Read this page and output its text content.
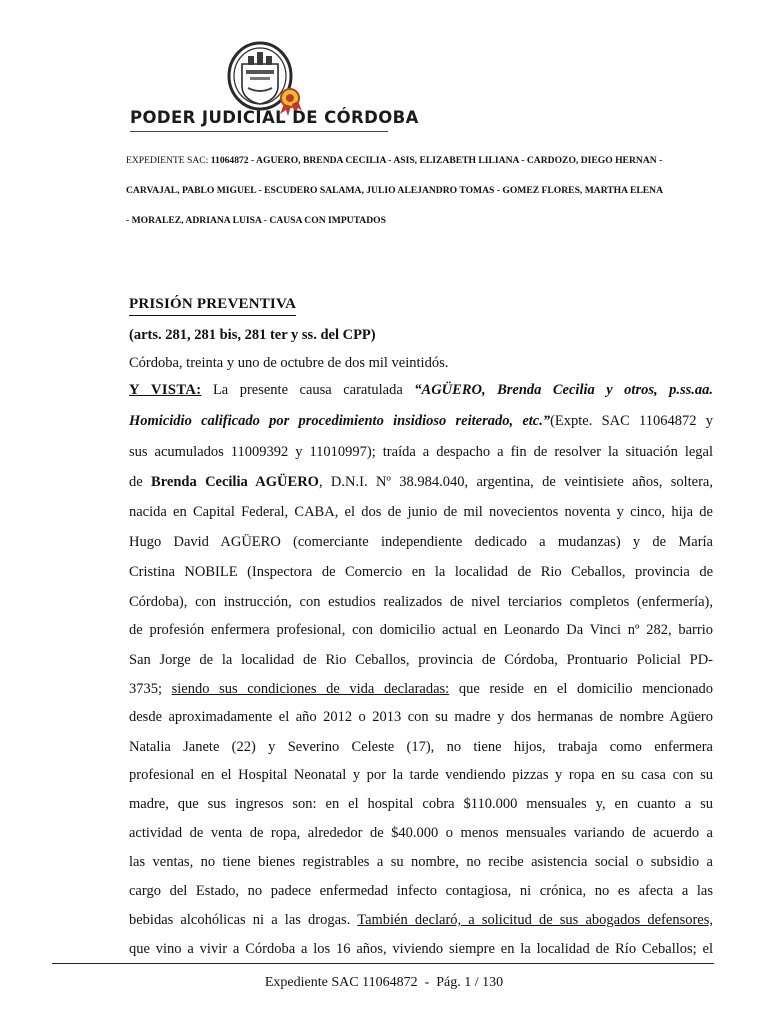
PODER JUDICIAL DE CÓRDOBA
EXPEDIENTE SAC: 11064872 - AGUERO, BRENDA CECILIA - ASIS, ELIZABETH LILIANA - CARDOZO, DIEGO HERNAN -
CARVAJAL, PABLO MIGUEL - ESCUDERO SALAMA, JULIO ALEJANDRO TOMAS - GOMEZ FLORES, MARTHA ELENA
- MORALEZ, ADRIANA LUISA - CAUSA CON IMPUTADOS
PRISIÓN PREVENTIVA
(arts. 281, 281 bis, 281 ter y ss. del CPP)
Córdoba, treinta y uno de octubre de dos mil veintidós.
Y VISTA: La presente causa caratulada “AGÜERO, Brenda Cecilia y otros, p.ss.aa.
Homicidio calificado por procedimiento insidioso reiterado, etc.”(Expte. SAC 11064872 y
sus acumulados 11009392 y 11010997); traída a despacho a fin de resolver la situación legal
de Brenda Cecilia AGÜERO, D.N.I. Nº 38.984.040, argentina, de veintisiete años, soltera,
nacida en Capital Federal, CABA, el dos de junio de mil novecientos noventa y cinco, hija de
Hugo David AGÜERO (comerciante independiente dedicado a mudanzas) y de María
Cristina NOBILE (Inspectora de Comercio en la localidad de Rio Ceballos, provincia de
Córdoba), con instrucción, con estudios realizados de nivel terciarios completos (enfermería),
de profesión enfermera profesional, con domicilio actual en Leonardo Da Vinci nº 282, barrio
San Jorge de la localidad de Rio Ceballos, provincia de Córdoba, Prontuario Policial PD-
3735; siendo sus condiciones de vida declaradas: que reside en el domicilio mencionado
desde aproximadamente el año 2012 o 2013 con su madre y dos hermanas de nombre Agüero
Natalia Janete (22) y Severino Celeste (17), no tiene hijos, trabaja como enfermera
profesional en el Hospital Neonatal y por la tarde vendiendo pizzas y ropa en su casa con su
madre, que sus ingresos son: en el hospital cobra $110.000 mensuales y, en cuanto a su
actividad de venta de ropa, alrededor de $40.000 o menos mensuales variando de acuerdo a
las ventas, no tiene bienes registrables a su nombre, no recibe asistencia social o subsidio a
cargo del Estado, no padece enfermedad infecto contagiosa, ni crónica, no es afecta a las
bebidas alcohólicas ni a las drogas. También declaró, a solicitud de sus abogados defensores,
que vino a vivir a Córdoba a los 16 años, viviendo siempre en la localidad de Río Ceballos; el
Expediente SAC 11064872  -  Pág. 1 / 130
